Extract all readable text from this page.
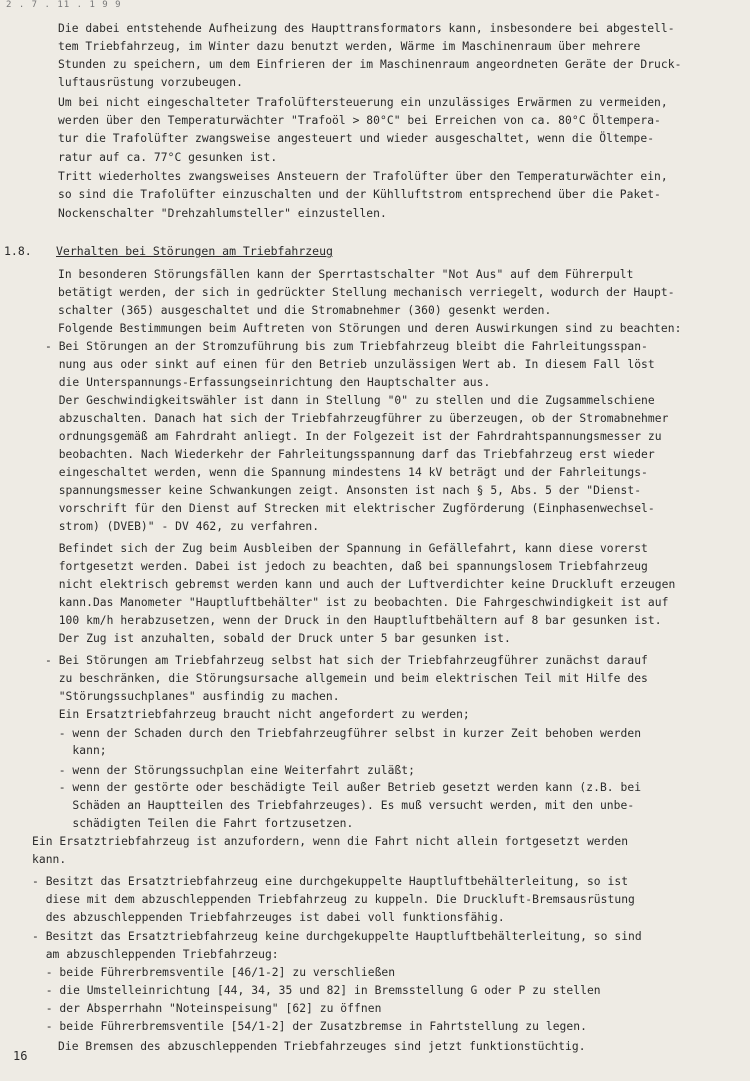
2 . 7 . 11 . 1 9 9
Die dabei entstehende Aufheizung des Haupttransformators kann, insbesondere bei abgestell-
tem Triebfahrzeug, im Winter dazu benutzt werden, Wärme im Maschinenraum über mehrere
Stunden zu speichern, um dem Einfrieren der im Maschinenraum angeordneten Geräte der Druck-
luftausrüstung vorzubeugen.
Um bei nicht eingeschalteter Trafolüftersteuerung ein unzulässiges Erwärmen zu vermeiden,
werden über den Temperaturwächter "Trafoöl > 80°C" bei Erreichen von ca. 80°C Öltempera-
tur die Trafolüfter zwangsweise angesteuert und wieder ausgeschaltet, wenn die Öltempe-
ratur auf ca. 77°C gesunken ist.
Tritt wiederholtes zwangsweises Ansteuern der Trafolüfter über den Temperaturwächter ein,
so sind die Trafolüfter einzuschalten und der Kühlluftstrom entsprechend über die Paket-
Nockenschalter "Drehzahlumsteller" einzustellen.
1.8. Verhalten bei Störungen am Triebfahrzeug
In besonderen Störungsfällen kann der Sperrtastschalter "Not Aus" auf dem Führerpult
betätigt werden, der sich in gedrückter Stellung mechanisch verriegelt, wodurch der Haupt-
schalter (365) ausgeschaltet und die Stromabnehmer (360) gesenkt werden.
Folgende Bestimmungen beim Auftreten von Störungen und deren Auswirkungen sind zu beachten:
- Bei Störungen an der Stromzuführung bis zum Triebfahrzeug bleibt die Fahrleitungsspan-
nung aus oder sinkt auf einen für den Betrieb unzulässigen Wert ab. In diesem Fall löst
die Unterspannungs-Erfassungseinrichtung den Hauptschalter aus.
Der Geschwindigkeitswähler ist dann in Stellung "0" zu stellen und die Zugsammelschiene
abzuschalten. Danach hat sich der Triebfahrzeugführer zu überzeugen, ob der Stromabnehmer
ordnungsgemäß am Fahrdraht anliegt. In der Folgezeit ist der Fahrdrahtspannungsmesser zu
beobachten. Nach Wiederkehr der Fahrleitungsspannung darf das Triebfahrzeug erst wieder
eingeschaltet werden, wenn die Spannung mindestens 14 kV beträgt und der Fahrleitungs-
spannungsmesser keine Schwankungen zeigt. Ansonsten ist nach § 5, Abs. 5 der "Dienst-
vorschrift für den Dienst auf Strecken mit elektrischer Zugförderung (Einphasenwechsel-
strom) (DVEB)" - DV 462, zu verfahren.
Befindet sich der Zug beim Ausbleiben der Spannung in Gefällefahrt, kann diese vorerst
fortgesetzt werden. Dabei ist jedoch zu beachten, daß bei spannungslosem Triebfahrzeug
nicht elektrisch gebremst werden kann und auch der Luftverdichter keine Druckluft erzeugen
kann.Das Manometer "Hauptluftbehälter" ist zu beobachten. Die Fahrgeschwindigkeit ist auf
100 km/h herabzusetzen, wenn der Druck in den Hauptluftbehältern auf 8 bar gesunken ist.
Der Zug ist anzuhalten, sobald der Druck unter 5 bar gesunken ist.
- Bei Störungen am Triebfahrzeug selbst hat sich der Triebfahrzeugführer zunächst darauf
zu beschränken, die Störungsursache allgemein und beim elektrischen Teil mit Hilfe des
"Störungssuchplanes" ausfindig zu machen.
Ein Ersatztriebfahrzeug braucht nicht angefordert zu werden;
- wenn der Schaden durch den Triebfahrzeugführer selbst in kurzer Zeit behoben werden
kann;
- wenn der Störungssuchplan eine Weiterfahrt zuläßt;
- wenn der gestörte oder beschädigte Teil außer Betrieb gesetzt werden kann (z.B. bei
Schäden an Hauptteilen des Triebfahrzeuges). Es muß versucht werden, mit den unbe-
schädigten Teilen die Fahrt fortzusetzen.
Ein Ersatztriebfahrzeug ist anzufordern, wenn die Fahrt nicht allein fortgesetzt werden
kann.
- Besitzt das Ersatztriebfahrzeug eine durchgekuppelte Hauptluftbehälterleitung, so ist
diese mit dem abzuschleppenden Triebfahrzeug zu kuppeln. Die Druckluft-Bremsausrüstung
des abzuschleppenden Triebfahrzeuges ist dabei voll funktionsfähig.
- Besitzt das Ersatztriebfahrzeug keine durchgekuppelte Hauptluftbehälterleitung, so sind
am abzuschleppenden Triebfahrzeug:
- beide Führerbremsventile [46/1-2] zu verschließen
- die Umstelleinrichtung [44, 34, 35 und 82] in Bremsstellung G oder P zu stellen
- der Absperrhahn "Noteinspeisung" [62] zu öffnen
- beide Führerbremsventile [54/1-2] der Zusatzbremse in Fahrtstellung zu legen.
Die Bremsen des abzuschleppenden Triebfahrzeuges sind jetzt funktionstüchtig.
16
